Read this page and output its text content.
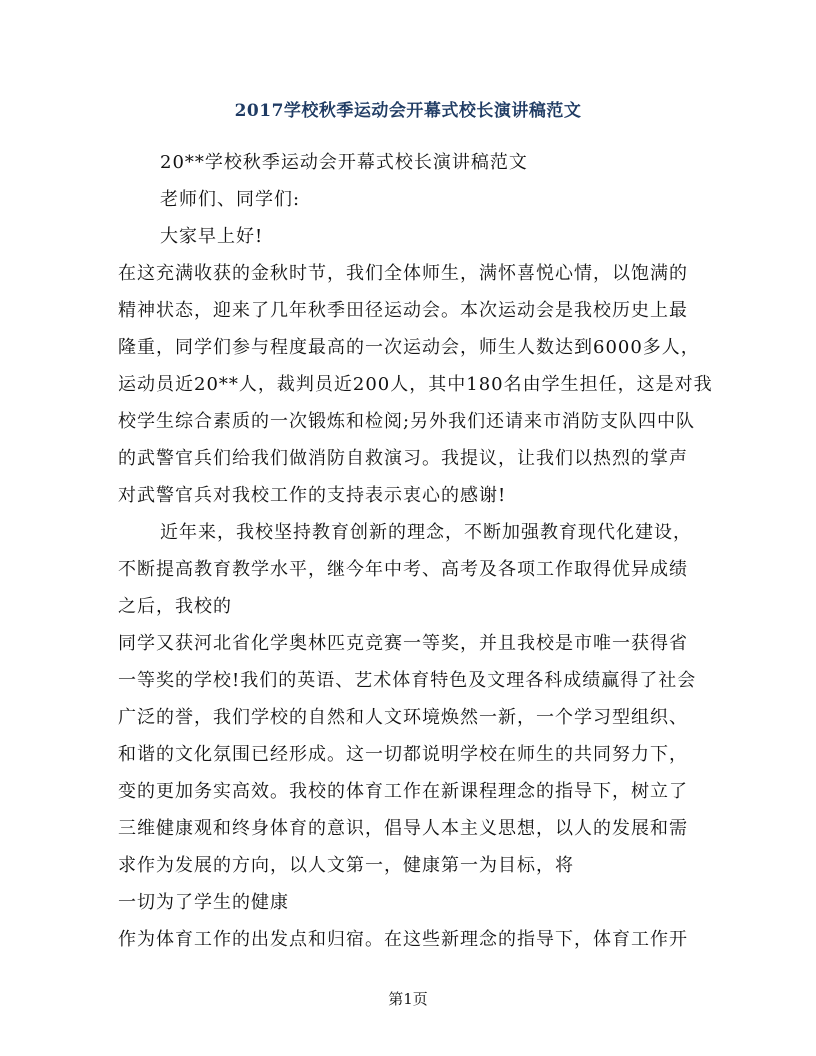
2017学校秋季运动会开幕式校长演讲稿范文
20**学校秋季运动会开幕式校长演讲稿范文
老师们、同学们:
大家早上好!
在这充满收获的金秋时节，我们全体师生，满怀喜悦心情，以饱满的
精神状态，迎来了几年秋季田径运动会。本次运动会是我校历史上最
隆重，同学们参与程度最高的一次运动会，师生人数达到6000多人，
运动员近20**人，裁判员近200人，其中180名由学生担任，这是对我
校学生综合素质的一次锻炼和检阅;另外我们还请来市消防支队四中队
的武警官兵们给我们做消防自救演习。我提议，让我们以热烈的掌声
对武警官兵对我校工作的支持表示衷心的感谢!
近年来，我校坚持教育创新的理念，不断加强教育现代化建设，
不断提高教育教学水平，继今年中考、高考及各项工作取得优异成绩
之后，我校的
同学又获河北省化学奥林匹克竞赛一等奖，并且我校是市唯一获得省
一等奖的学校!我们的英语、艺术体育特色及文理各科成绩赢得了社会
广泛的誉，我们学校的自然和人文环境焕然一新，一个学习型组织、
和谐的文化氛围已经形成。这一切都说明学校在师生的共同努力下，
变的更加务实高效。我校的体育工作在新课程理念的指导下，树立了
三维健康观和终身体育的意识，倡导人本主义思想，以人的发展和需
求作为发展的方向，以人文第一，健康第一为目标，将
一切为了学生的健康
作为体育工作的出发点和归宿。在这些新理念的指导下，体育工作开
第1页
